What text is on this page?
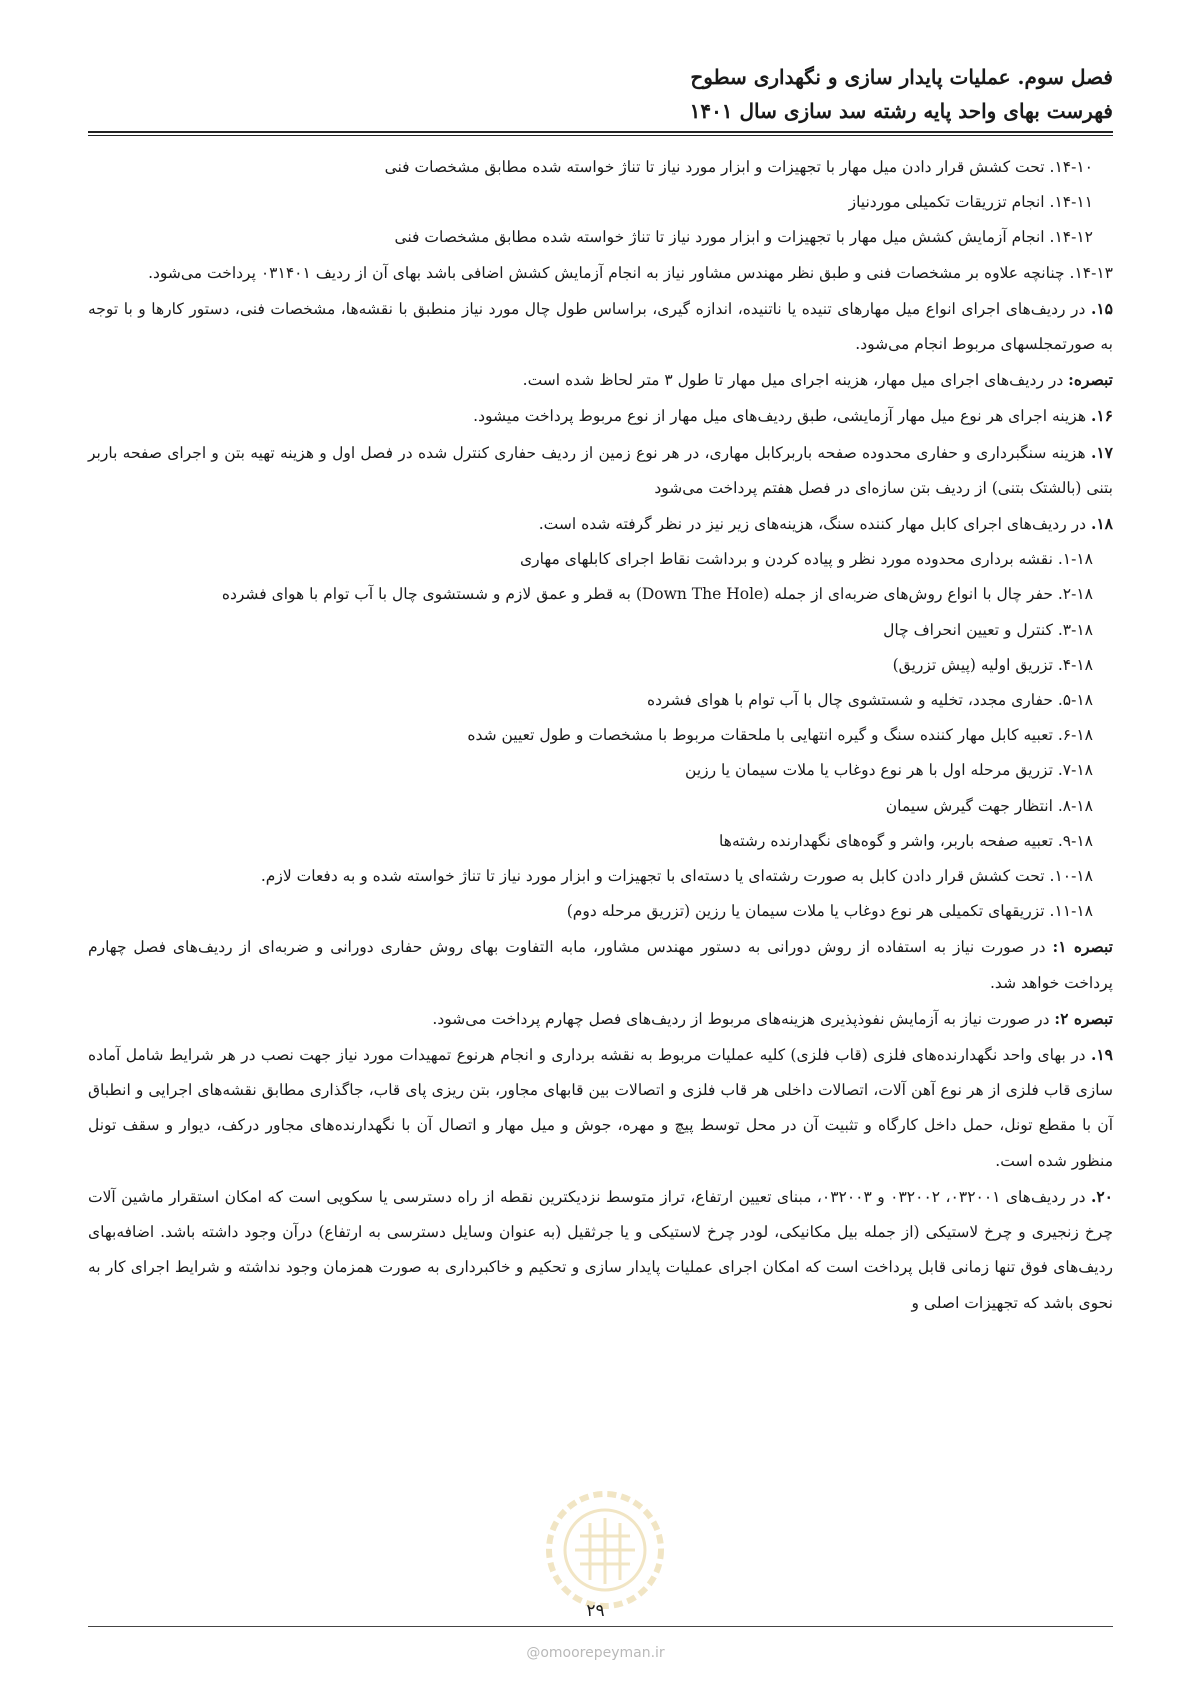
فصل سوم. عملیات پایدار سازی و نگهداری سطوح
فهرست بهای واحد پایه رشته سد سازی سال ۱۴۰۱

۱۴-۱۰. تحت کشش قرار دادن میل مهار با تجهیزات و ابزار مورد نیاز تا تناژ خواسته شده مطابق مشخصات فنی

۱۴-۱۱. انجام تزریقات تکمیلی موردنیاز

۱۴-۱۲. انجام آزمایش کشش میل مهار با تجهیزات و ابزار مورد نیاز تا تناژ خواسته شده مطابق مشخصات فنی

۱۴-۱۳. چنانچه علاوه بر مشخصات فنی و طبق نظر مهندس مشاور نیاز به انجام آزمایش کشش اضافی باشد بهای آن از ردیف ۰۳۱۴۰۱ پرداخت می‌شود.

۱۵. در ردیف‌های اجرای انواع میل مهارهای تنیده یا ناتنیده، اندازه گیری، براساس طول چال مورد نیاز منطبق با نقشه‌ها، مشخصات فنی، دستور کارها و با توجه به صورتمجلسهای مربوط انجام می‌شود.

تبصره: در ردیف‌های اجرای میل مهار، هزینه اجرای میل مهار تا طول ۳ متر لحاظ شده است.

۱۶. هزینه اجرای هر نوع میل مهار آزمایشی، طبق ردیف‌های میل مهار از نوع مربوط پرداخت میشود.

۱۷. هزینه سنگبرداری و حفاری محدوده صفحه باربرکابل مهاری، در هر نوع زمین از ردیف حفاری کنترل شده در فصل اول و هزینه تهیه بتن و اجرای صفحه باربر بتنی (بالشتک بتنی) از ردیف بتن سازه‌ای در فصل هفتم پرداخت می‌شود

۱۸. در ردیف‌های اجرای کابل مهار کننده سنگ، هزینه‌های زیر نیز در نظر گرفته شده است.

۱-۱۸. نقشه برداری محدوده مورد نظر و پیاده کردن و برداشت نقاط اجرای کابلهای مهاری

۲-۱۸. حفر چال با انواع روش‌های ضربه‌ای از جمله (Down The Hole) به قطر و عمق لازم و شستشوی چال با آب توام با هوای فشرده

۳-۱۸. کنترل و تعیین انحراف چال

۴-۱۸. تزریق اولیه (پیش تزریق)

۵-۱۸. حفاری مجدد، تخلیه و شستشوی چال با آب توام با هوای فشرده

۶-۱۸. تعبیه کابل مهار کننده سنگ و گیره انتهایی با ملحقات مربوط با مشخصات و طول تعیین شده

۷-۱۸. تزریق مرحله اول با هر نوع دوغاب یا ملات سیمان یا رزین

۸-۱۸. انتظار جهت گیرش سیمان

۹-۱۸. تعبیه صفحه باربر، واشر و گوه‌های نگهدارنده رشته‌ها

۱۰-۱۸. تحت کشش قرار دادن کابل به صورت رشته‌ای یا دسته‌ای با تجهیزات و ابزار مورد نیاز تا تناژ خواسته شده و به دفعات لازم.

۱۱-۱۸. تزریقهای تکمیلی هر نوع دوغاب یا ملات سیمان یا رزین (تزریق مرحله دوم)

تبصره ۱: در صورت نیاز به استفاده از روش دورانی به دستور مهندس مشاور، مابه التفاوت بهای روش حفاری دورانی و ضربه‌ای از ردیف‌های فصل چهارم پرداخت خواهد شد.

تبصره ۲: در صورت نیاز به آزمایش نفوذپذیری هزینه‌های مربوط از ردیف‌های فصل چهارم پرداخت می‌شود.

۱۹. در بهای واحد نگهدارنده‌های فلزی (قاب فلزی) کلیه عملیات مربوط به نقشه برداری و انجام هرنوع تمهیدات مورد نیاز جهت نصب در هر شرایط شامل آماده سازی قاب فلزی از هر نوع آهن آلات، اتصالات داخلی هر قاب فلزی و اتصالات بین قابهای مجاور، بتن ریزی پای قاب، جاگذاری مطابق نقشه‌های اجرایی و انطباق آن با مقطع تونل، حمل داخل کارگاه و تثبیت آن در محل توسط پیچ و مهره، جوش و میل مهار و اتصال آن با نگهدارنده‌های مجاور درکف، دیوار و سقف تونل منظور شده است.

۲۰. در ردیف‌های ۰۳۲۰۰۱، ۰۳۲۰۰۲ و ۰۳۲۰۰۳، مبنای تعیین ارتفاع، تراز متوسط نزدیکترین نقطه از راه دسترسی یا سکویی است که امکان استقرار ماشین آلات چرخ زنجیری و چرخ لاستیکی (از جمله بیل مکانیکی، لودر چرخ لاستیکی و یا جرثقیل (به عنوان وسایل دسترسی به ارتفاع) درآن وجود داشته باشد. اضافه‌بهای ردیف‌های فوق تنها زمانی قابل پرداخت است که امکان اجرای عملیات پایدار سازی و تحکیم و خاکبرداری به صورت همزمان وجود نداشته و شرایط اجرای کار به نحوی باشد که تجهیزات اصلی و

۲۹
@omoorepeyman.ir
